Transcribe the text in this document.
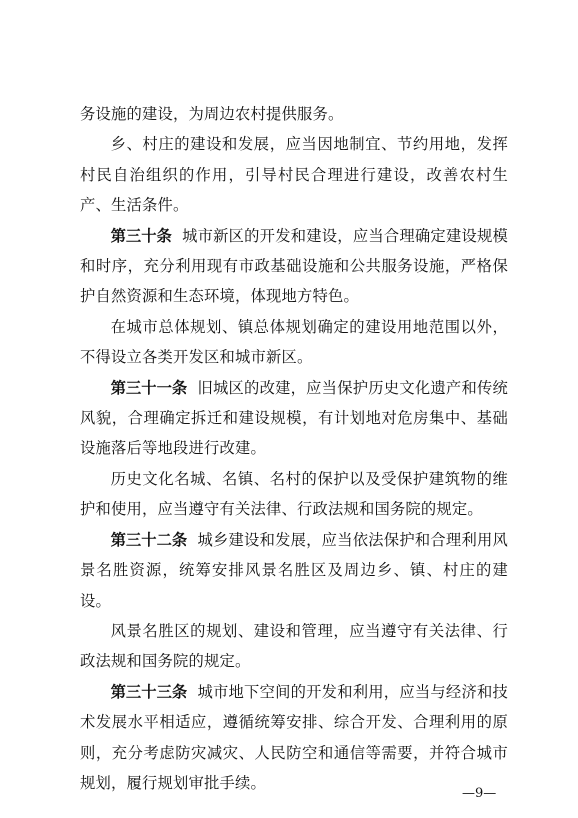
务设施的建设，为周边农村提供服务。

乡、村庄的建设和发展，应当因地制宜、节约用地，发挥村民自治组织的作用，引导村民合理进行建设，改善农村生产、生活条件。

第三十条 城市新区的开发和建设，应当合理确定建设规模和时序，充分利用现有市政基础设施和公共服务设施，严格保护自然资源和生态环境，体现地方特色。

在城市总体规划、镇总体规划确定的建设用地范围以外，不得设立各类开发区和城市新区。

第三十一条 旧城区的改建，应当保护历史文化遗产和传统风貌，合理确定拆迁和建设规模，有计划地对危房集中、基础设施落后等地段进行改建。

历史文化名城、名镇、名村的保护以及受保护建筑物的维护和使用，应当遵守有关法律、行政法规和国务院的规定。

第三十二条 城乡建设和发展，应当依法保护和合理利用风景名胜资源，统筹安排风景名胜区及周边乡、镇、村庄的建设。

风景名胜区的规划、建设和管理，应当遵守有关法律、行政法规和国务院的规定。

第三十三条 城市地下空间的开发和利用，应当与经济和技术发展水平相适应，遵循统筹安排、综合开发、合理利用的原则，充分考虑防灾减灾、人民防空和通信等需要，并符合城市规划，履行规划审批手续。

—9—
